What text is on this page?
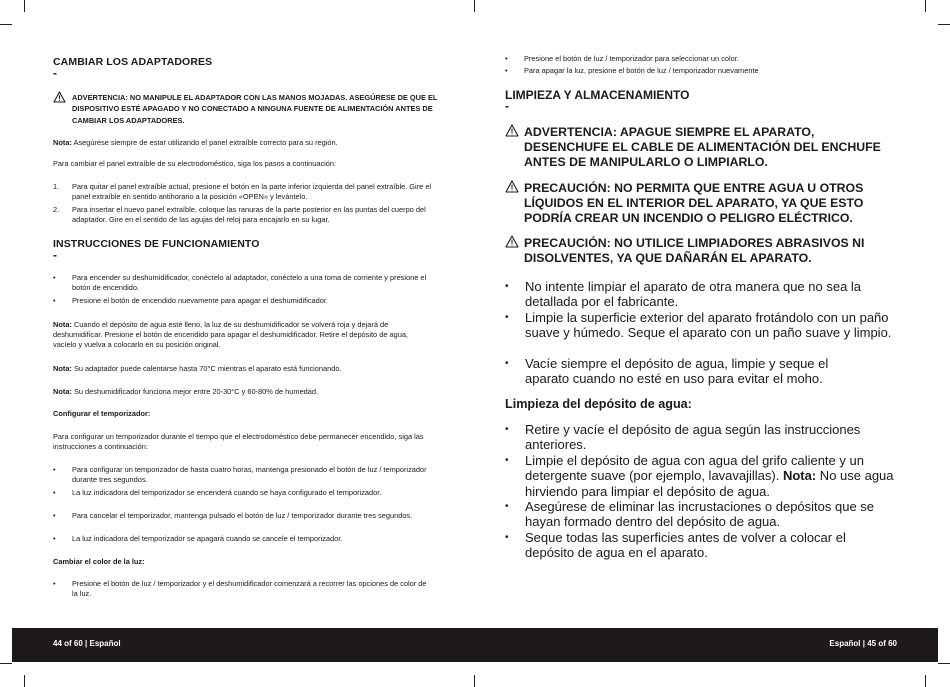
CAMBIAR LOS ADAPTADORES
-
ADVERTENCIA: NO MANIPULE EL ADAPTADOR CON LAS MANOS MOJADAS. ASEGÚRESE DE QUE EL DISPOSITIVO ESTÉ APAGADO Y NO CONECTADO A NINGUNA FUENTE DE ALIMENTACIÓN ANTES DE CAMBIAR LOS ADAPTADORES.
Nota: Asegúrese siempre de estar utilizando el panel extraíble correcto para su región.
Para cambiar el panel extraíble de su electrodoméstico, siga los pasos a continuación:
1. Para quitar el panel extraíble actual, presione el botón en la parte inferior izquierda del panel extraíble. Gire el panel extraíble en sentido antihorario a la posición «OPEN» y levántelo.
2. Para insertar el nuevo panel extraíble, coloque las ranuras de la parte posterior en las puntas del cuerpo del adaptador. Gire en el sentido de las agujas del reloj para encajarlo en su lugar.
INSTRUCCIONES DE FUNCIONAMIENTO
-
• Para encender su deshumidificador, conéctelo al adaptador, conéctelo a una toma de corriente y presione el botón de encendido.
• Presione el botón de encendido nuevamente para apagar el deshumidificador.
Nota: Cuando el depósito de agua esté lleno, la luz de su deshumidificador se volverá roja y dejará de deshumidificar. Presione el botón de encendido para apagar el deshumidificador. Retire el depósito de agua, vacíelo y vuelva a colocarlo en su posición original.
Nota: Su adaptador puede calentarse hasta 70°C mientras el aparato está funcionando.
Nota: Su deshumidificador funciona mejor entre 20-30°C y 60-80% de humedad.
Configurar el temporizador:
Para configurar un temporizador durante el tiempo que el electrodoméstico debe permanecer encendido, siga las instrucciones a continuación:
• Para configurar un temporizador de hasta cuatro horas, mantenga presionado el botón de luz / temporizador durante tres segundos.
• La luz indicadora del temporizador se encenderá cuando se haya configurado el temporizador.
• Para cancelar el temporizador, mantenga pulsado el botón de luz / temporizador durante tres segundos.
• La luz indicadora del temporizador se apagará cuando se cancele el temporizador.
Cambiar el color de la luz:
• Presione el botón de luz / temporizador y el deshumidificador comenzará a recorrer las opciones de color de la luz.
• Presione el botón de luz / temporizador para seleccionar un color.
• Para apagar la luz, presione el botón de luz / temporizador nuevamente
LIMPIEZA Y ALMACENAMIENTO
-
ADVERTENCIA: APAGUE SIEMPRE EL APARATO, DESENCHUFE EL CABLE DE ALIMENTACIÓN DEL ENCHUFE ANTES DE MANIPULARLO O LIMPIARLO.
PRECAUCIÓN: NO PERMITA QUE ENTRE AGUA U OTROS LÍQUIDOS EN EL INTERIOR DEL APARATO, YA QUE ESTO PODRÍA CREAR UN INCENDIO O PELIGRO ELÉCTRICO.
PRECAUCIÓN: NO UTILICE LIMPIADORES ABRASIVOS NI DISOLVENTES, YA QUE DAÑARÁN EL APARATO.
• No intente limpiar el aparato de otra manera que no sea la detallada por el fabricante.
• Limpie la superficie exterior del aparato frotándolo con un paño suave y húmedo. Seque el aparato con un paño suave y limpio.
• Vacíe siempre el depósito de agua, limpie y seque el aparato cuando no esté en uso para evitar el moho.
Limpieza del depósito de agua:
• Retire y vacíe el depósito de agua según las instrucciones anteriores.
• Limpie el depósito de agua con agua del grifo caliente y un detergente suave (por ejemplo, lavavajillas). Nota: No use agua hirviendo para limpiar el depósito de agua.
• Asegúrese de eliminar las incrustaciones o depósitos que se hayan formado dentro del depósito de agua.
• Seque todas las superficies antes de volver a colocar el depósito de agua en el aparato.
44 of 60 | Español	Español | 45 of 60
